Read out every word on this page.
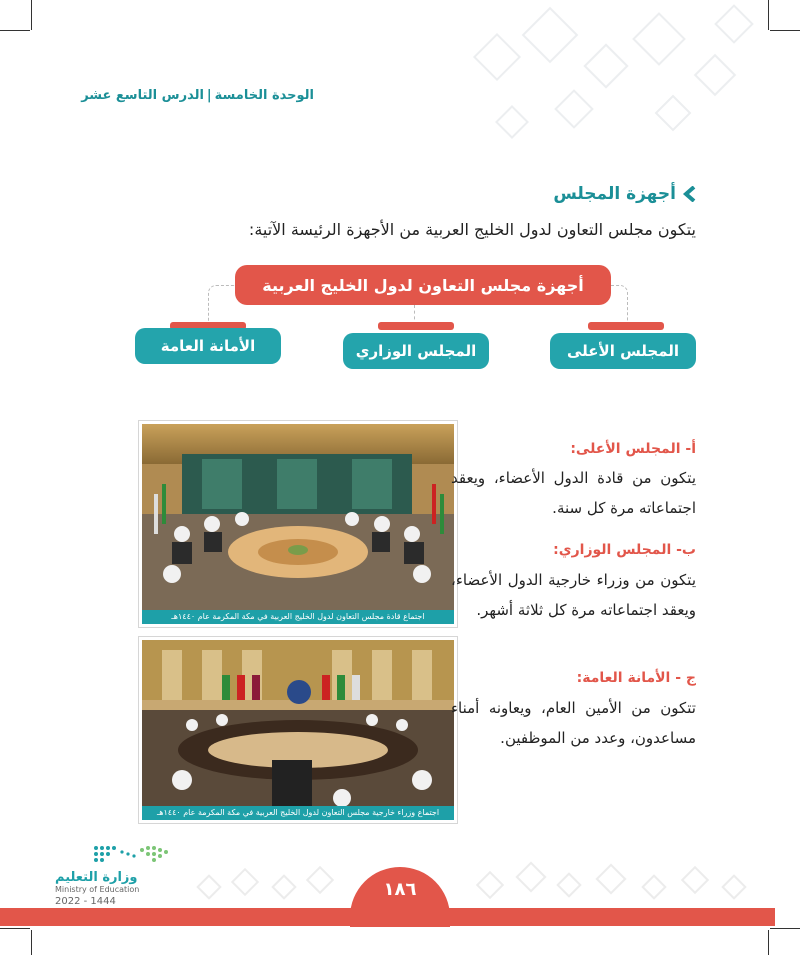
الوحدة الخامسة|الدرس التاسع عشر
أجهزة المجلس
يتكون مجلس التعاون لدول الخليج العربية من الأجهزة الرئيسة الآتية:
أجهزة مجلس التعاون لدول الخليج العربية
المجلس الأعلى
المجلس الوزاري
الأمانة العامة
اجتماع قادة مجلس التعاون لدول الخليج العربية في مكة المكرمة عام ١٤٤٠هـ
اجتماع وزراء خارجية مجلس التعاون لدول الخليج العربية في مكة المكرمة عام ١٤٤٠هـ
أ- المجلس الأعلى:
يتكون من قادة الدول الأعضاء، ويعقد اجتماعاته مرة كل سنة.
ب- المجلس الوزاري:
يتكون من وزراء خارجية الدول الأعضاء، ويعقد اجتماعاته مرة كل ثلاثة أشهر.
ج - الأمانة العامة:
تتكون من الأمين العام، ويعاونه أمناء مساعدون، وعدد من الموظفين.
١٨٦
وزارة التعليم
Ministry of Education
2022 - 1444
